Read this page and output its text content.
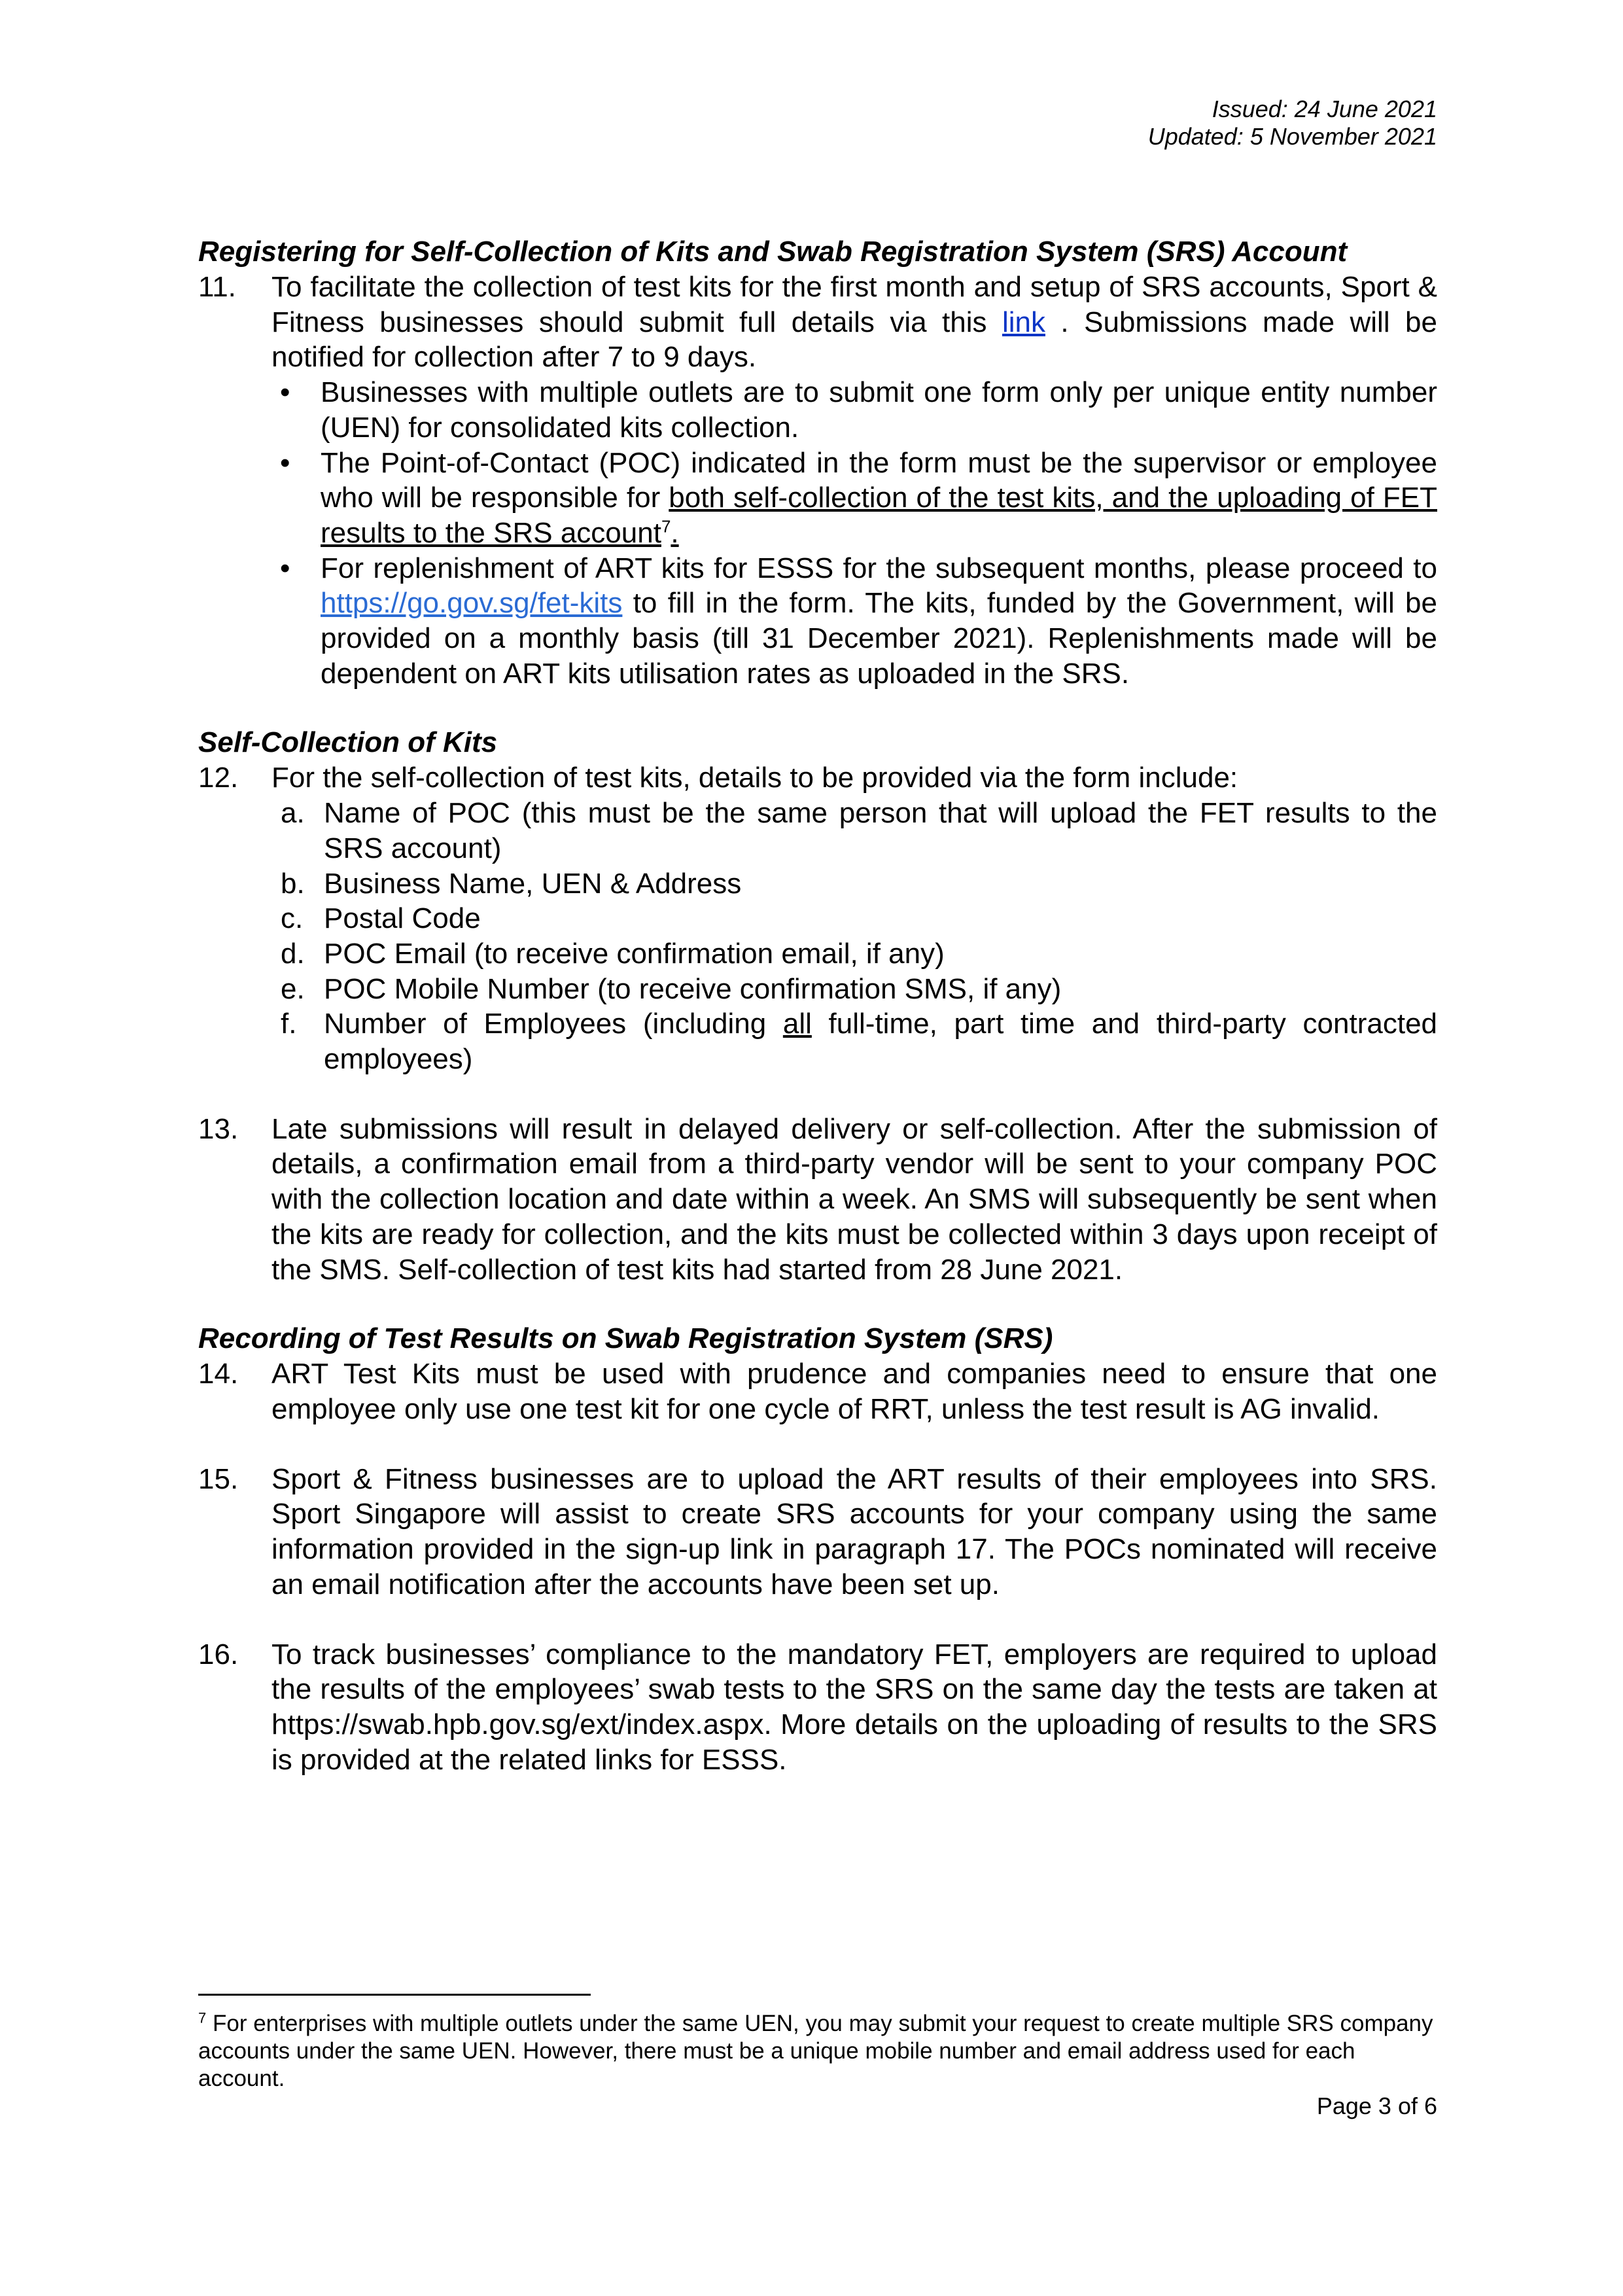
Issued: 24 June 2021
Updated: 5 November 2021
Registering for Self-Collection of Kits and Swab Registration System (SRS) Account
11. To facilitate the collection of test kits for the first month and setup of SRS accounts, Sport & Fitness businesses should submit full details via this link . Submissions made will be notified for collection after 7 to 9 days.
• Businesses with multiple outlets are to submit one form only per unique entity number (UEN) for consolidated kits collection.
• The Point-of-Contact (POC) indicated in the form must be the supervisor or employee who will be responsible for both self-collection of the test kits, and the uploading of FET results to the SRS account$^7$.
• For replenishment of ART kits for ESSS for the subsequent months, please proceed to https://go.gov.sg/fet-kits to fill in the form. The kits, funded by the Government, will be provided on a monthly basis (till 31 December 2021). Replenishments made will be dependent on ART kits utilisation rates as uploaded in the SRS.
Self-Collection of Kits
12. For the self-collection of test kits, details to be provided via the form include:
a. Name of POC (this must be the same person that will upload the FET results to the SRS account)
b. Business Name, UEN & Address
c. Postal Code
d. POC Email (to receive confirmation email, if any)
e. POC Mobile Number (to receive confirmation SMS, if any)
f. Number of Employees (including all full-time, part time and third-party contracted employees)
13. Late submissions will result in delayed delivery or self-collection. After the submission of details, a confirmation email from a third-party vendor will be sent to your company POC with the collection location and date within a week. An SMS will subsequently be sent when the kits are ready for collection, and the kits must be collected within 3 days upon receipt of the SMS. Self-collection of test kits had started from 28 June 2021.
Recording of Test Results on Swab Registration System (SRS)
14. ART Test Kits must be used with prudence and companies need to ensure that one employee only use one test kit for one cycle of RRT, unless the test result is AG invalid.
15. Sport & Fitness businesses are to upload the ART results of their employees into SRS. Sport Singapore will assist to create SRS accounts for your company using the same information provided in the sign-up link in paragraph 17. The POCs nominated will receive an email notification after the accounts have been set up.
16. To track businesses’ compliance to the mandatory FET, employers are required to upload the results of the employees’ swab tests to the SRS on the same day the tests are taken at https://swab.hpb.gov.sg/ext/index.aspx. More details on the uploading of results to the SRS is provided at the related links for ESSS.
$^7$ For enterprises with multiple outlets under the same UEN, you may submit your request to create multiple SRS company accounts under the same UEN. However, there must be a unique mobile number and email address used for each account.
Page 3 of 6
